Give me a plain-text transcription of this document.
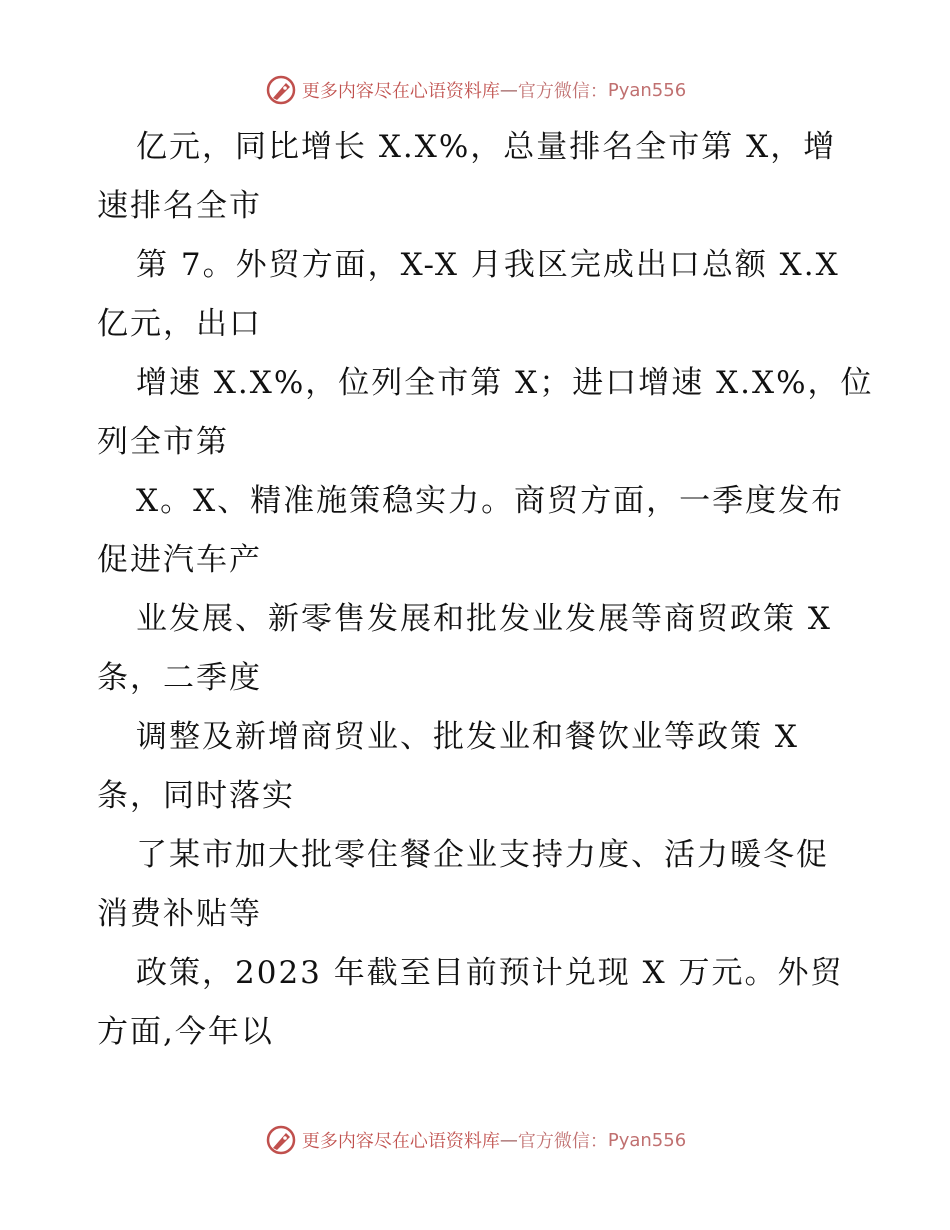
更多内容尽在心语资料库 — 官方微信： Pyan556
亿元，同比增长 X.X%，总量排名全市第 X，增
速排名全市
第 7。外贸方面，X-X 月我区完成出口总额 X.X
亿元，出口
增速 X.X%，位列全市第 X；进口增速 X.X%，位
列全市第
X。X、精准施策稳实力。商贸方面，一季度发布
促进汽车产
业发展、新零售发展和批发业发展等商贸政策 X
条，二季度
调整及新增商贸业、批发业和餐饮业等政策 X
条，同时落实
了某市加大批零住餐企业支持力度、活力暖冬促
消费补贴等
政策，2023 年截至目前预计兑现 X 万元。外贸
方面,今年以
更多内容尽在心语资料库 — 官方微信： Pyan556
